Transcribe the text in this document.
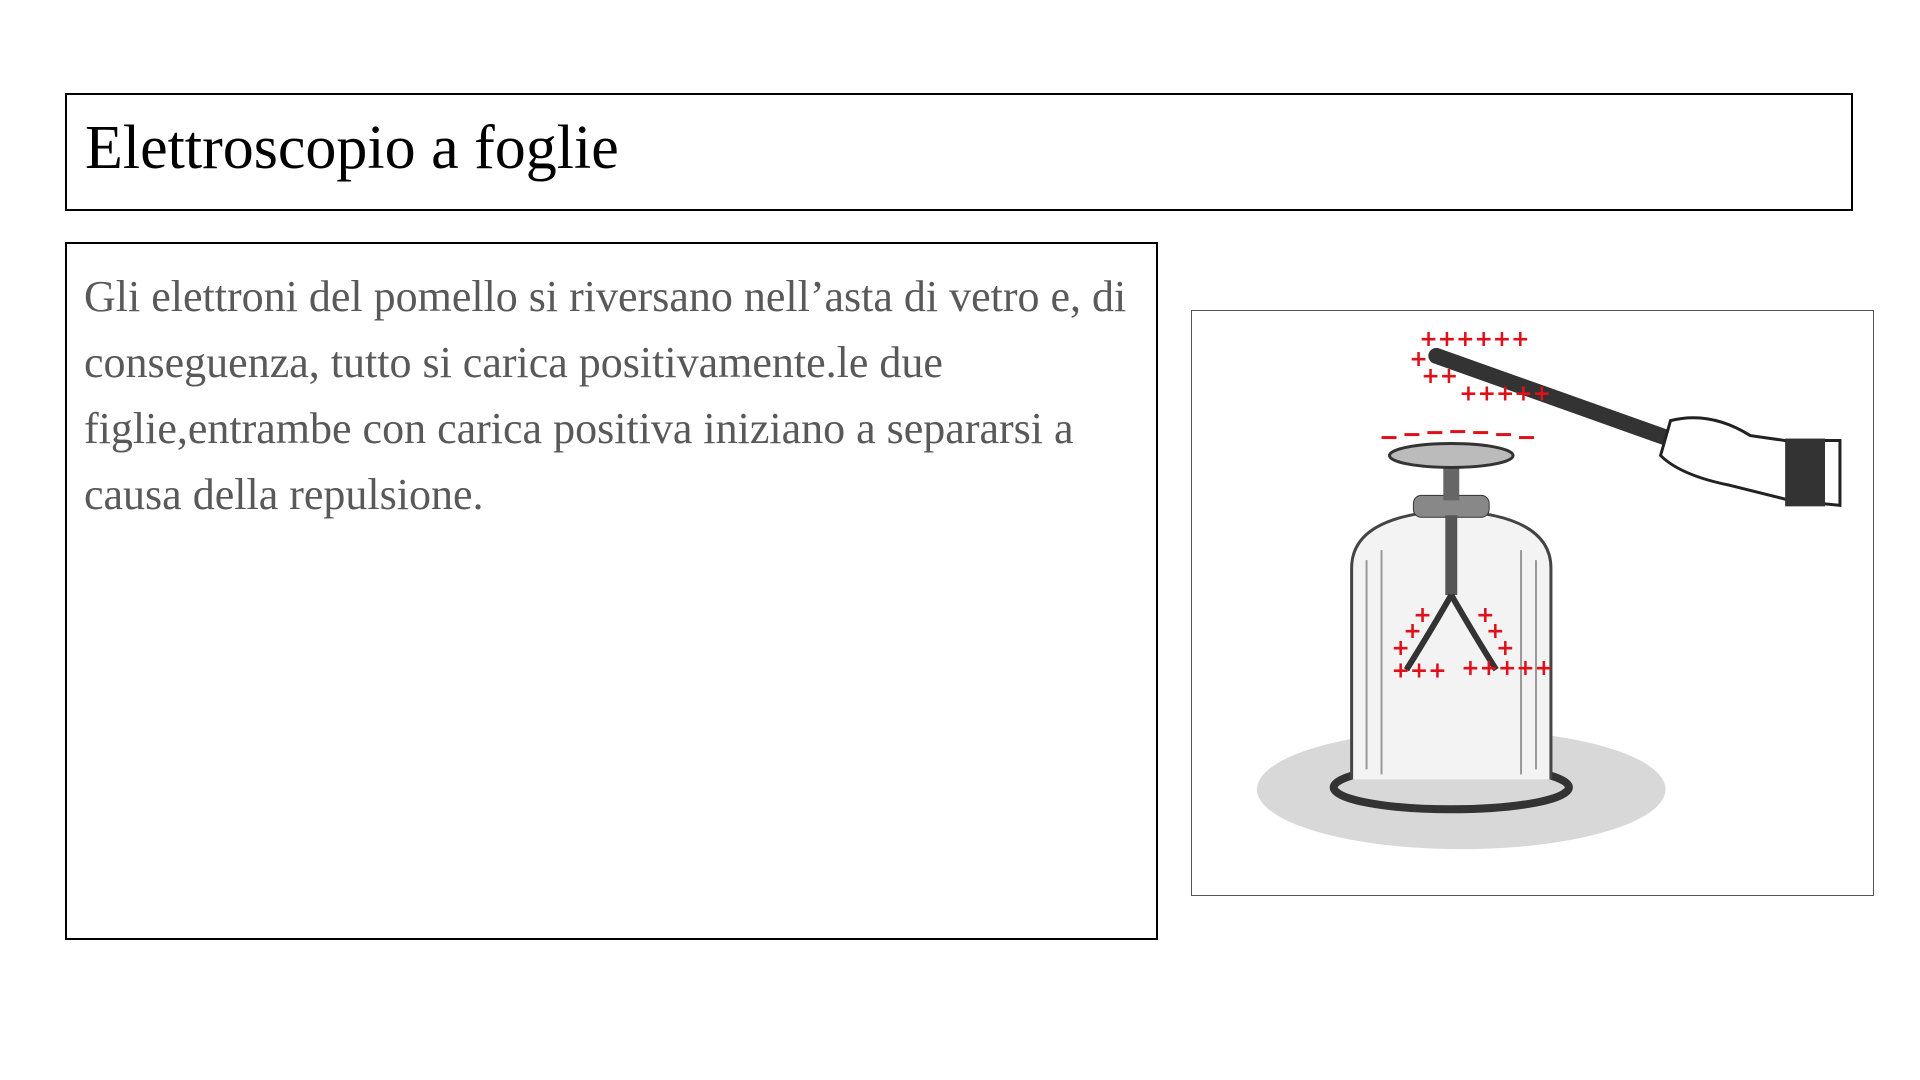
Elettroscopio a foglie
Gli elettroni del pomello si riversano nell’asta di vetro e, di conseguenza, tutto si carica positivamente.le due figlie,entrambe con carica positiva iniziano a separarsi a causa della repulsione.
++++++
+
++
+++++
+
+
+
+++
+
+
+
+++++
